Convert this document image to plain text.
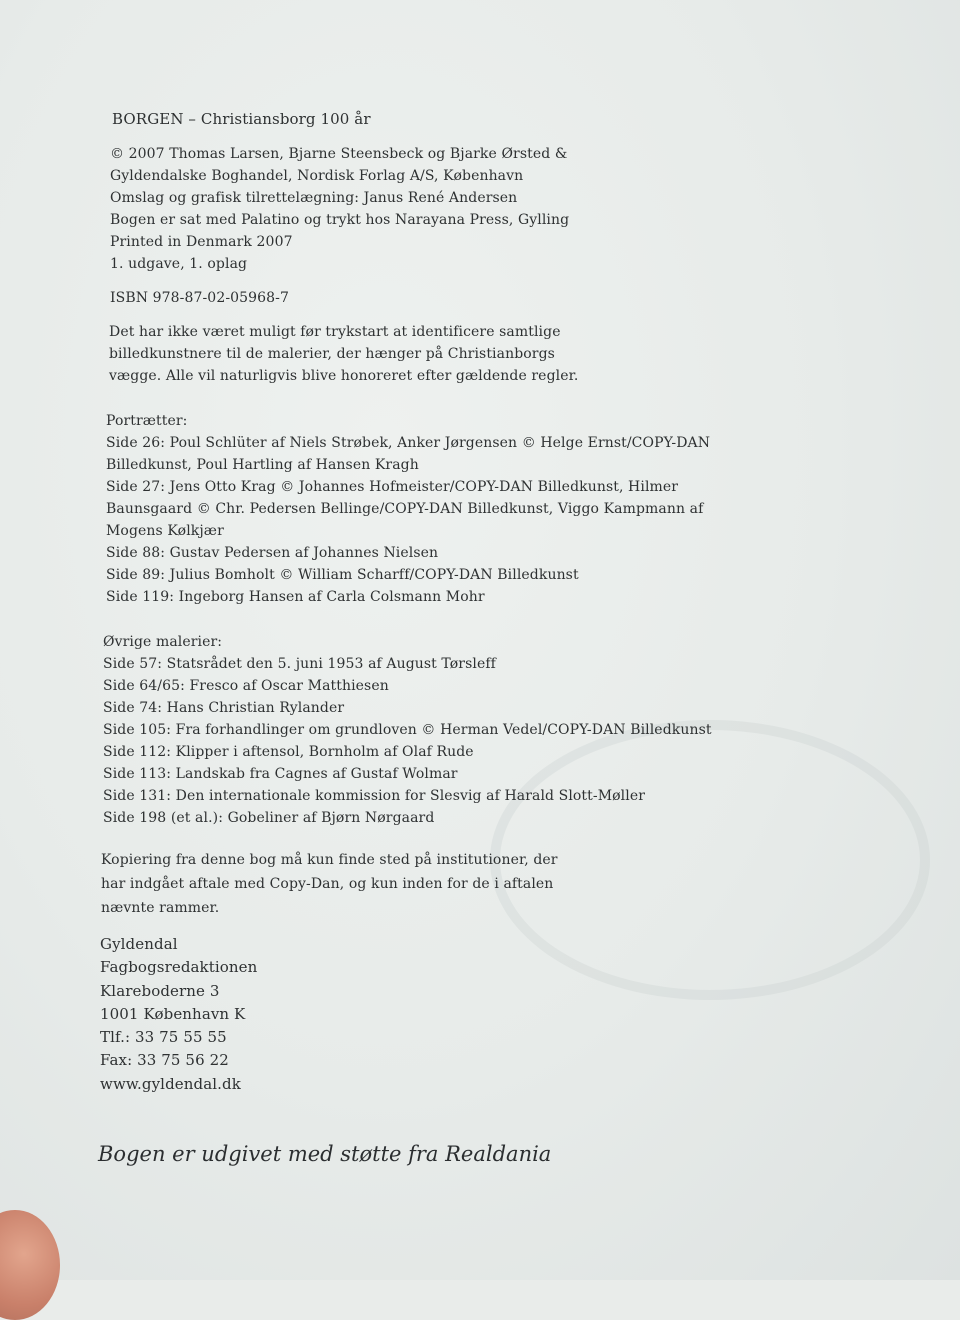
BORGEN – Christiansborg 100 år
© 2007 Thomas Larsen, Bjarne Steensbeck og Bjarke Ørsted &
Gyldendalske Boghandel, Nordisk Forlag A/S, København
Omslag og grafisk tilrettelægning: Janus René Andersen
Bogen er sat med Palatino og trykt hos Narayana Press, Gylling
Printed in Denmark 2007
1. udgave, 1. oplag
ISBN 978-87-02-05968-7
Det har ikke været muligt før trykstart at identificere samtlige
billedkunstnere til de malerier, der hænger på Christianborgs
vægge. Alle vil naturligvis blive honoreret efter gældende regler.
Portrætter:
Side 26: Poul Schlüter af Niels Strøbek, Anker Jørgensen © Helge Ernst/COPY-DAN
Billedkunst, Poul Hartling af Hansen Kragh
Side 27: Jens Otto Krag © Johannes Hofmeister/COPY-DAN Billedkunst, Hilmer
Baunsgaard © Chr. Pedersen Bellinge/COPY-DAN Billedkunst, Viggo Kampmann af
Mogens Kølkjær
Side 88: Gustav Pedersen af Johannes Nielsen
Side 89: Julius Bomholt © William Scharff/COPY-DAN Billedkunst
Side 119: Ingeborg Hansen af Carla Colsmann Mohr
Øvrige malerier:
Side 57: Statsrådet den 5. juni 1953 af August Tørsleff
Side 64/65: Fresco af Oscar Matthiesen
Side 74: Hans Christian Rylander
Side 105: Fra forhandlinger om grundloven © Herman Vedel/COPY-DAN Billedkunst
Side 112: Klipper i aftensol, Bornholm af Olaf Rude
Side 113: Landskab fra Cagnes af Gustaf Wolmar
Side 131: Den internationale kommission for Slesvig af Harald Slott-Møller
Side 198 (et al.): Gobeliner af Bjørn Nørgaard
Kopiering fra denne bog må kun finde sted på institutioner, der
har indgået aftale med Copy-Dan, og kun inden for de i aftalen
nævnte rammer.
Gyldendal
Fagbogsredaktionen
Klareboderne 3
1001 København K
Tlf.: 33 75 55 55
Fax: 33 75 56 22
www.gyldendal.dk
Bogen er udgivet med støtte fra Realdania
